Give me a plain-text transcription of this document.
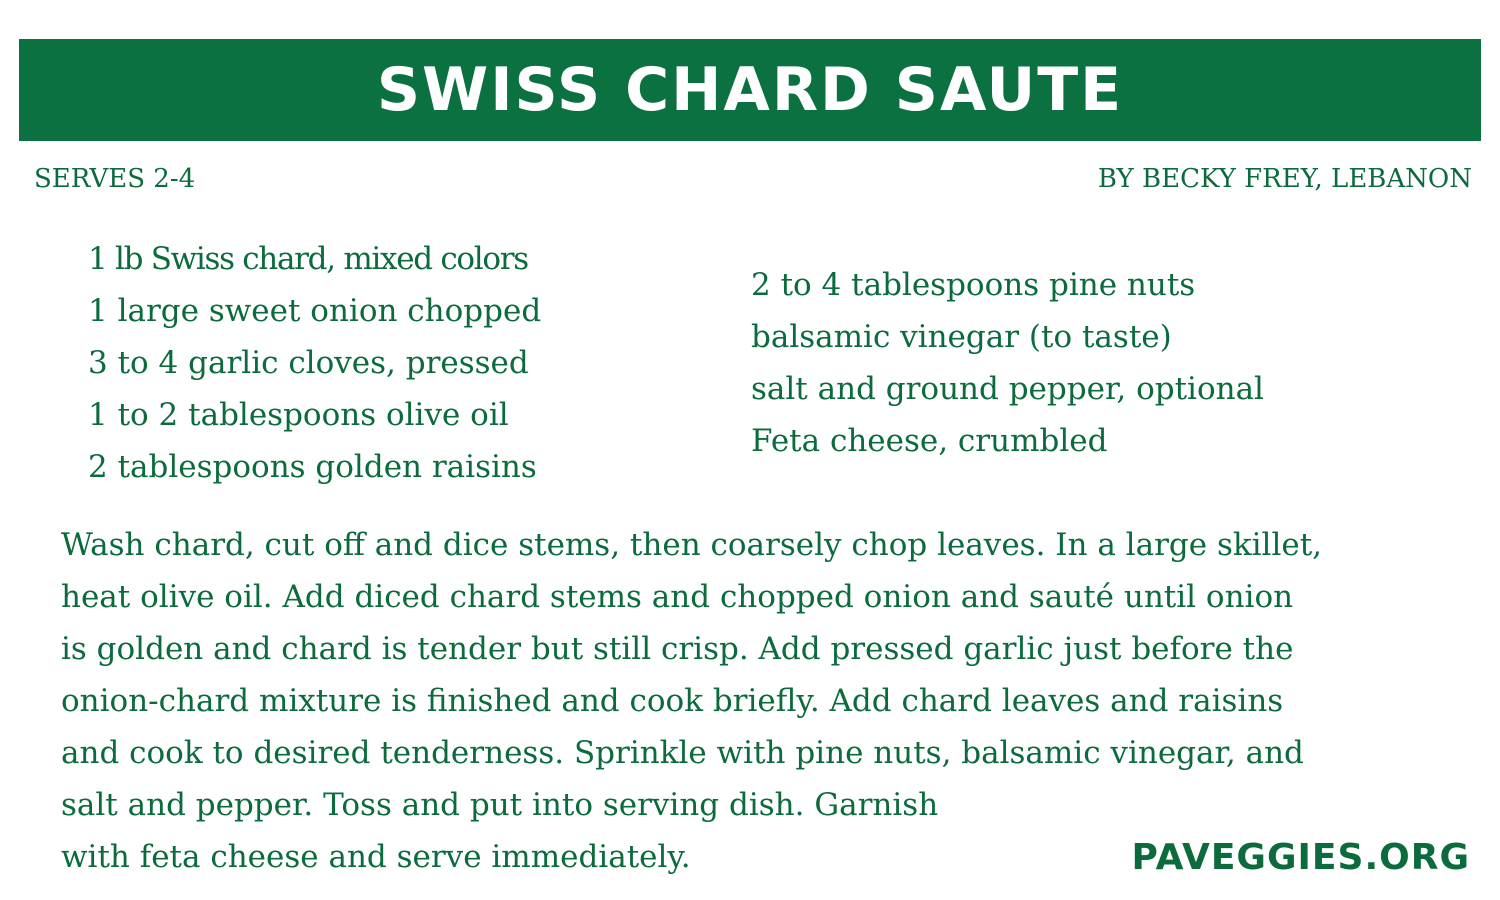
SWISS CHARD SAUTE
SERVES 2-4	BY BECKY FREY, LEBANON
1 lb Swiss chard, mixed colors
1 large sweet onion chopped
3 to 4 garlic cloves, pressed
1 to 2 tablespoons olive oil
2 tablespoons golden raisins
2 to 4 tablespoons pine nuts
balsamic vinegar (to taste)
salt and ground pepper, optional
Feta cheese, crumbled

Wash chard, cut off and dice stems, then coarsely chop leaves. In a large skillet,
heat olive oil. Add diced chard stems and chopped onion and sauté until onion
is golden and chard is tender but still crisp. Add pressed garlic just before the
onion-chard mixture is finished and cook briefly. Add chard leaves and raisins
and cook to desired tenderness. Sprinkle with pine nuts, balsamic vinegar, and
salt and pepper. Toss and put into serving dish. Garnish
with feta cheese and serve immediately.	PAVEGGIES.ORG
